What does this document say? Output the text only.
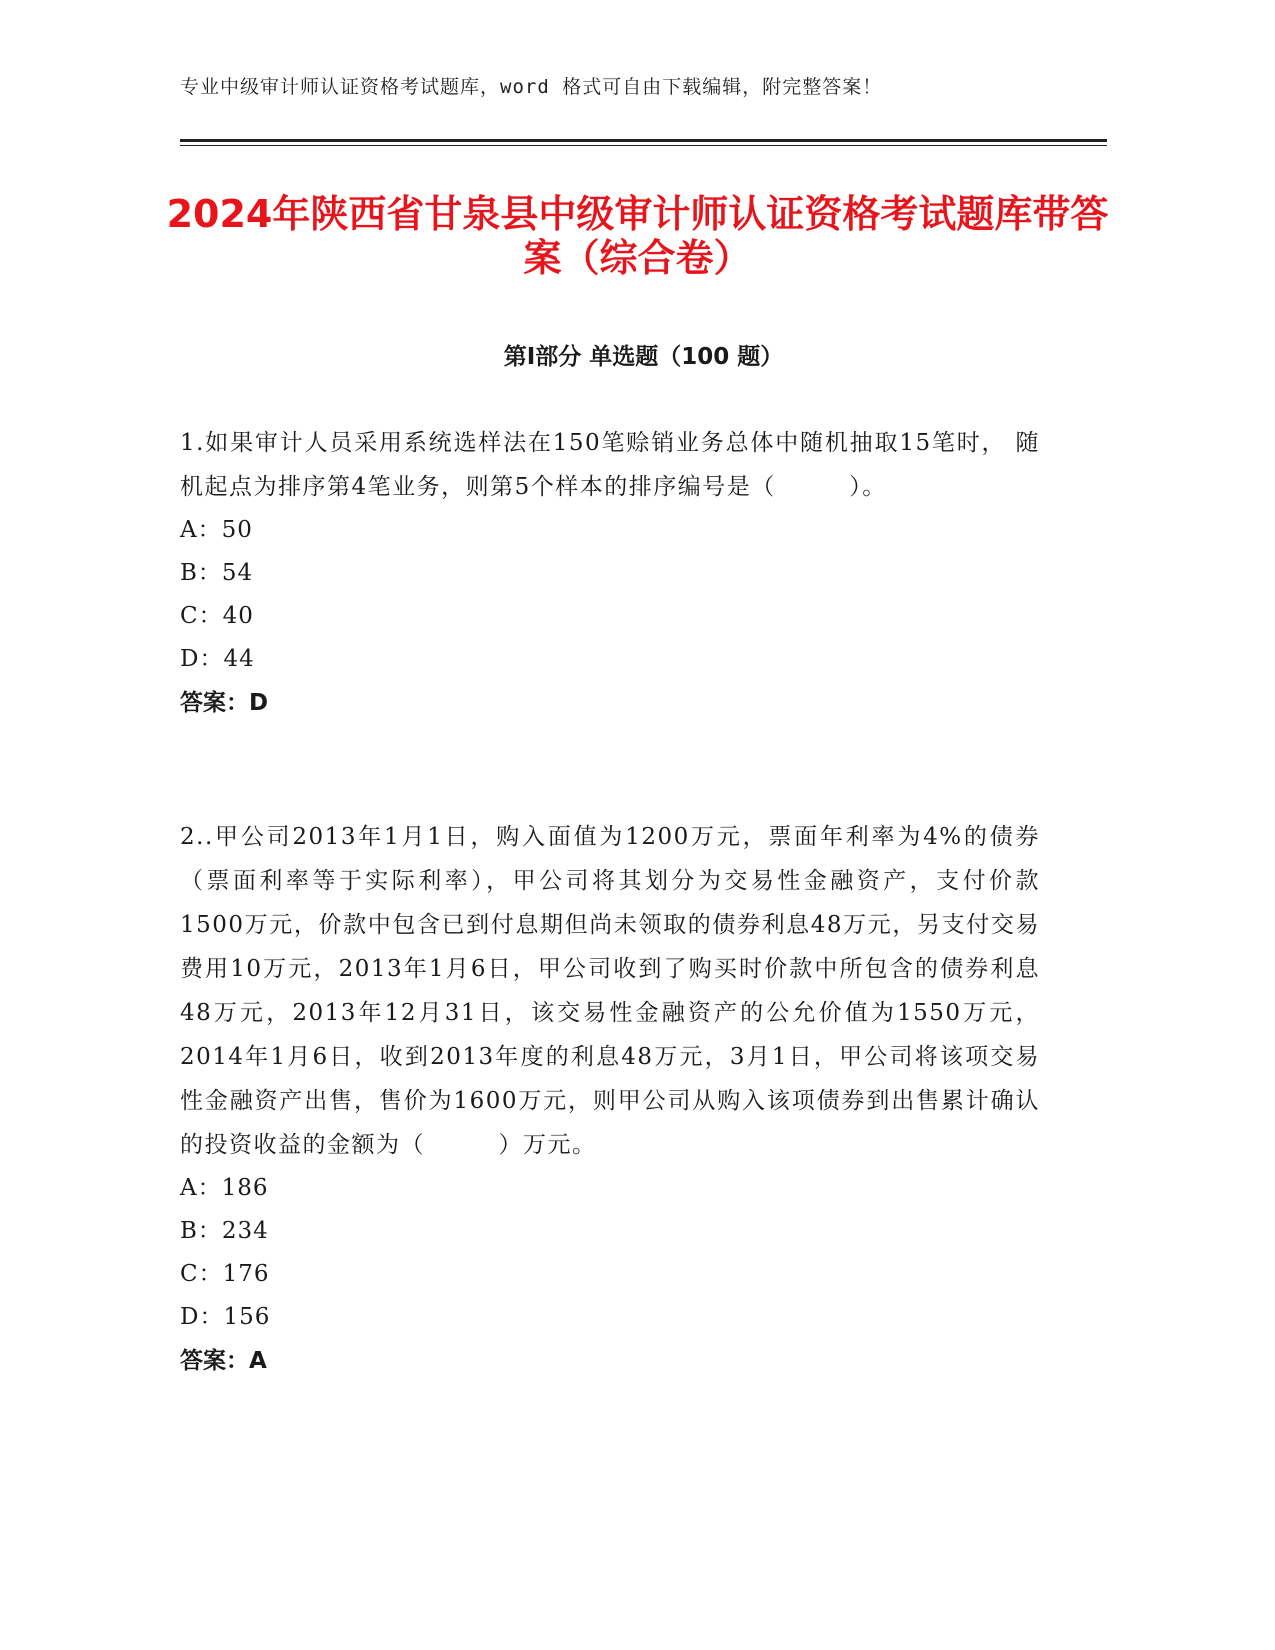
专业中级审计师认证资格考试题库，word 格式可自由下载编辑，附完整答案！
2024年陕西省甘泉县中级审计师认证资格考试题库带答案（综合卷）
第Ⅰ部分 单选题（100 题）

1.如果审计人员采用系统选样法在150笔赊销业务总体中随机抽取15笔时， 随机起点为排序第4笔业务，则第5个样本的排序编号是（　　　）。

A：50

B：54

C：40

D：44

答案：D

2..甲公司2013年1月1日，购入面值为1200万元，票面年利率为4%的债券（票面利率等于实际利率），甲公司将其划分为交易性金融资产，支付价款1500万元，价款中包含已到付息期但尚未领取的债券利息48万元，另支付交易费用10万元，2013年1月6日，甲公司收到了购买时价款中所包含的债券利息48万元，2013年12月31日，该交易性金融资产的公允价值为1550万元，2014年1月6日，收到2013年度的利息48万元，3月1日，甲公司将该项交易性金融资产出售，售价为1600万元，则甲公司从购入该项债券到出售累计确认的投资收益的金额为（　　　）万元。

A：186

B：234

C：176

D：156

答案：A
